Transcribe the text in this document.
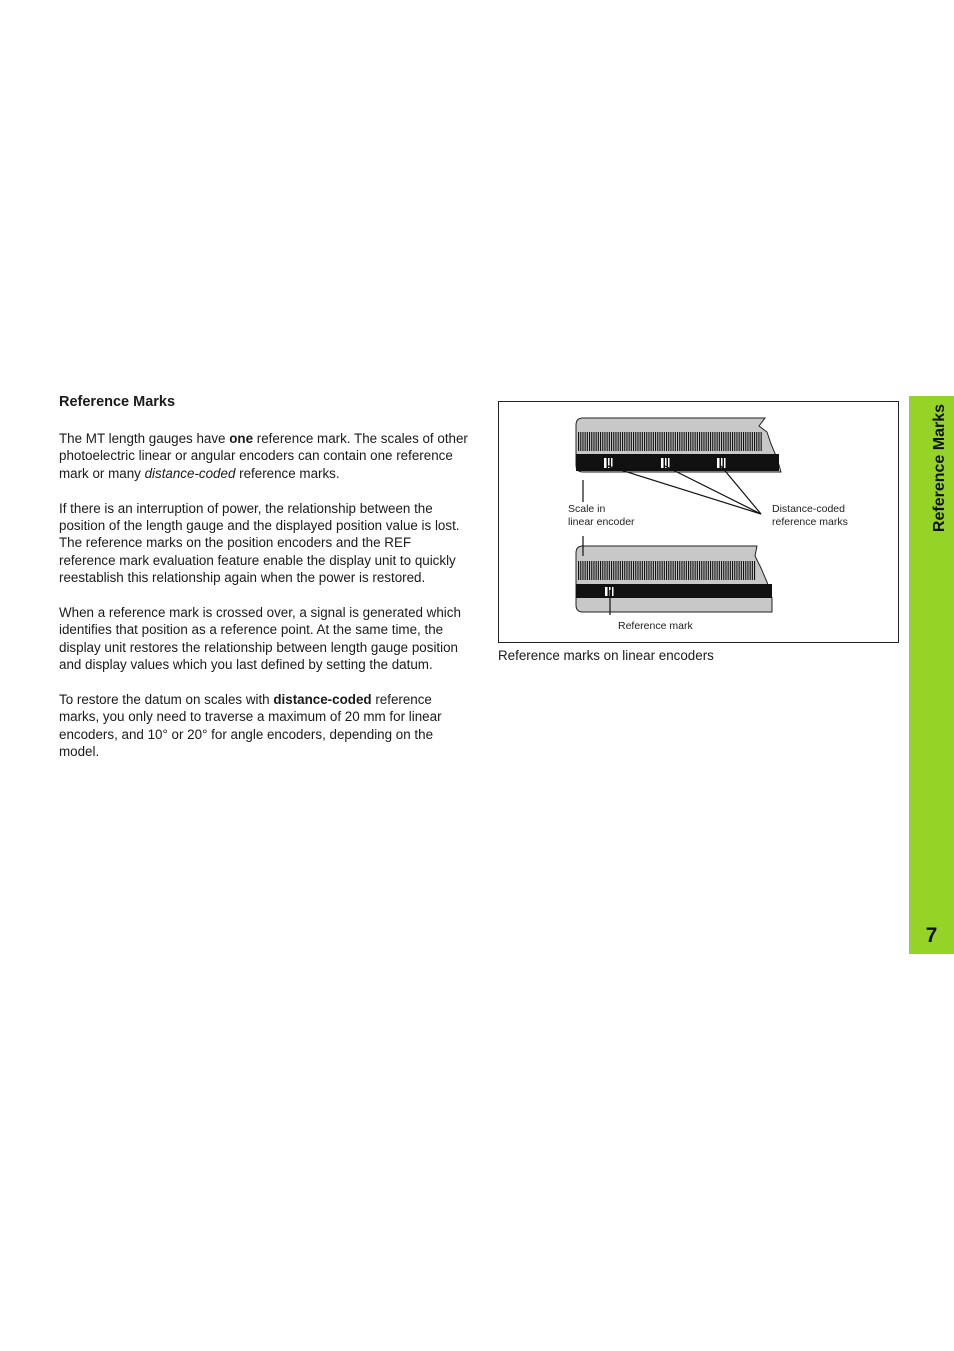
Reference Marks

The MT length gauges have one reference mark. The scales of other photoelectric linear or angular encoders can contain one reference mark or many distance-coded reference marks.

If there is an interruption of power, the relationship between the position of the length gauge and the displayed position value is lost. The reference marks on the position encoders and the REF reference mark evaluation feature enable the display unit to quickly reestablish this relationship again when the power is restored.

When a reference mark is crossed over, a signal is generated which identifies that position as a reference point. At the same time, the display unit restores the relationship between length gauge position and display values which you last defined by setting the datum.

To restore the datum on scales with distance-coded reference marks, you only need to traverse a maximum of 20 mm for linear encoders, and 10° or 20° for angle encoders, depending on the model.

Scale in
linear encoder
Distance-coded
reference marks
Reference mark
Reference marks on linear encoders
Reference Marks
7
